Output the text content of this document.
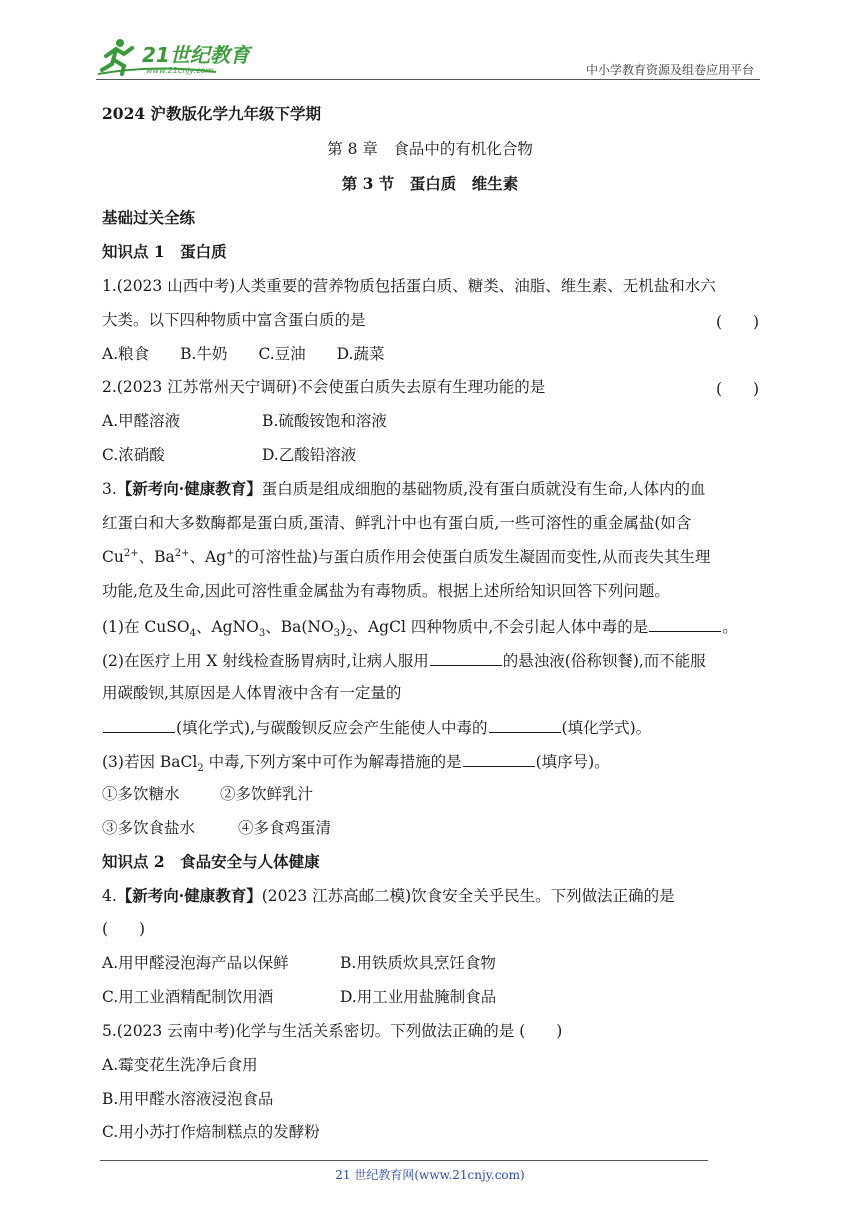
21世纪教育
www.21cnjy.com	中小学教育资源及组卷应用平台
2024 沪教版化学九年级下学期
第 8 章　食品中的有机化合物
第 3 节　蛋白质　维生素
基础过关全练
知识点 1　蛋白质
1.(2023 山西中考)人类重要的营养物质包括蛋白质、糖类、油脂、维生素、无机盐和水六
大类。以下四种物质中富含蛋白质的是	(　　)
A.粮食　　B.牛奶　　C.豆油　　D.蔬菜
2.(2023 江苏常州天宁调研)不会使蛋白质失去原有生理功能的是	(　　)
A.甲醛溶液	B.硫酸铵饱和溶液
C.浓硝酸	D.乙酸铅溶液
3.【新考向·健康教育】蛋白质是组成细胞的基础物质,没有蛋白质就没有生命,人体内的血
红蛋白和大多数酶都是蛋白质,蛋清、鲜乳汁中也有蛋白质,一些可溶性的重金属盐(如含
$Cu^{2+}$、$Ba^{2+}$、Ag+的可溶性盐)与蛋白质作用会使蛋白质发生凝固而变性,从而丧失其生理
功能,危及生命,因此可溶性重金属盐为有毒物质。根据上述所给知识回答下列问题。
(1)在 CuSO$_4$、AgNO$_3$、$Ba(NO_3)_2$、AgCl 四种物质中,不会引起人体中毒的是	。
(2)在医疗上用 X 射线检查肠胃病时,让病人服用	的悬浊液(俗称钡餐),而不能服
用碳酸钡,其原因是人体胃液中含有一定量的
(填化学式),与碳酸钡反应会产生能使人中毒的	(填化学式)。
(3)若因 BaCl$_2$ 中毒,下列方案中可作为解毒措施的是	(填序号)。
①多饮糖水	②多饮鲜乳汁
③多饮食盐水	④多食鸡蛋清
知识点 2　食品安全与人体健康
4.【新考向·健康教育】(2023 江苏高邮二模)饮食安全关乎民生。下列做法正确的是
(　　)
A.用甲醛浸泡海产品以保鲜	B.用铁质炊具烹饪食物
C.用工业酒精配制饮用酒	D.用工业用盐腌制食品
5.(2023 云南中考)化学与生活关系密切。下列做法正确的是 (　　)
A.霉变花生洗净后食用
B.用甲醛水溶液浸泡食品
C.用小苏打作焙制糕点的发酵粉
21 世纪教育网(www.21cnjy.com)
